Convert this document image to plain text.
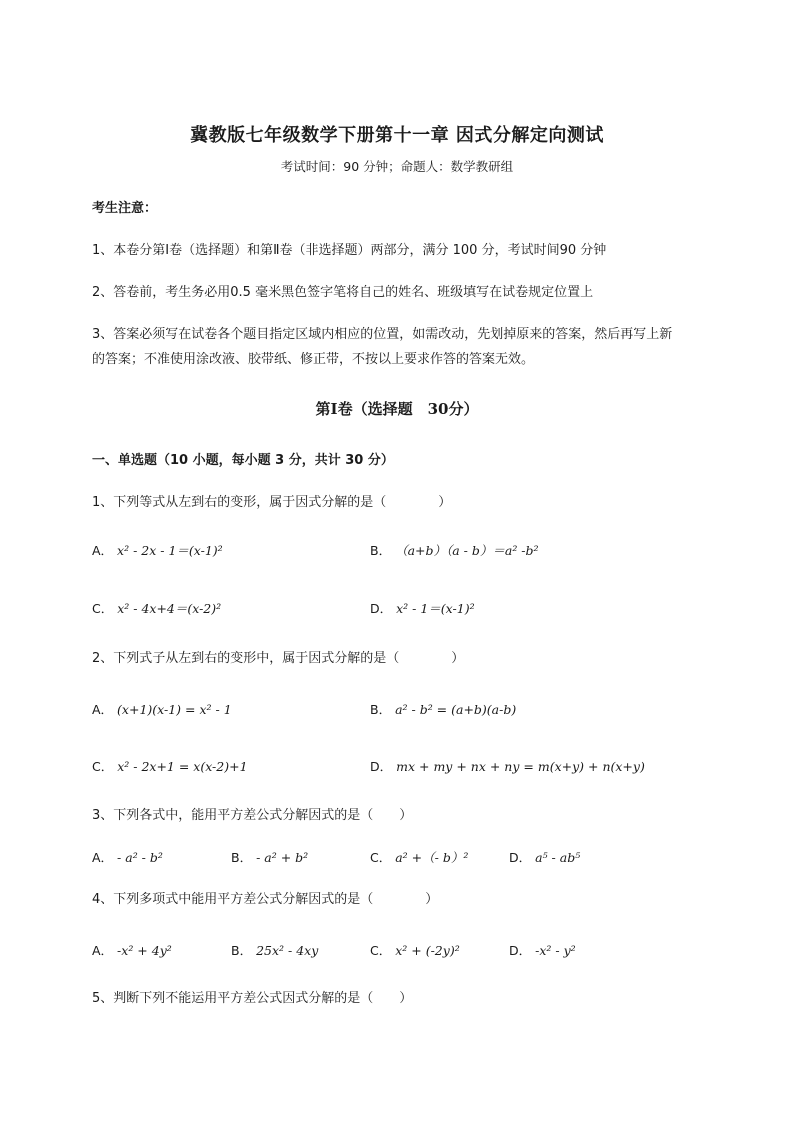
冀教版七年级数学下册第十一章 因式分解定向测试
考试时间：90 分钟；命题人：数学教研组
考生注意：
1、本卷分第Ⅰ卷（选择题）和第Ⅱ卷（非选择题）两部分，满分 100 分，考试时间90 分钟
2、答卷前，考生务必用0.5 毫米黑色签字笔将自己的姓名、班级填写在试卷规定位置上
3、答案必须写在试卷各个题目指定区域内相应的位置，如需改动，先划掉原来的答案，然后再写上新
的答案；不准使用涂改液、胶带纸、修正带，不按以上要求作答的答案无效。
第Ⅰ卷（选择题　30分）
一、单选题（10 小题，每小题 3 分，共计 30 分）
1、下列等式从左到右的变形，属于因式分解的是（　　　　）
A． x² - 2x - 1＝(x-1)²	B． （a+b）（a - b）＝a² -b²
C． x² - 4x+4＝(x-2)²	D． x² - 1＝(x-1)²
2、下列式子从左到右的变形中，属于因式分解的是（　　　　）
A． (x+1)(x-1) = x² - 1	B． a² - b² = (a+b)(a-b)
C． x² - 2x+1 = x(x-2)+1	D． mx + my + nx + ny = m(x+y) + n(x+y)
3、下列各式中，能用平方差公式分解因式的是（　　）
A． - a² - b²	B． - a² + b²	C． a² +（- b）²	D． a⁵ - ab⁵
4、下列多项式中能用平方差公式分解因式的是（　　　　）
A． -x² + 4y²	B． 25x² - 4xy	C． x² + (-2y)²	D． -x² - y²
5、判断下列不能运用平方差公式因式分解的是（　　）
